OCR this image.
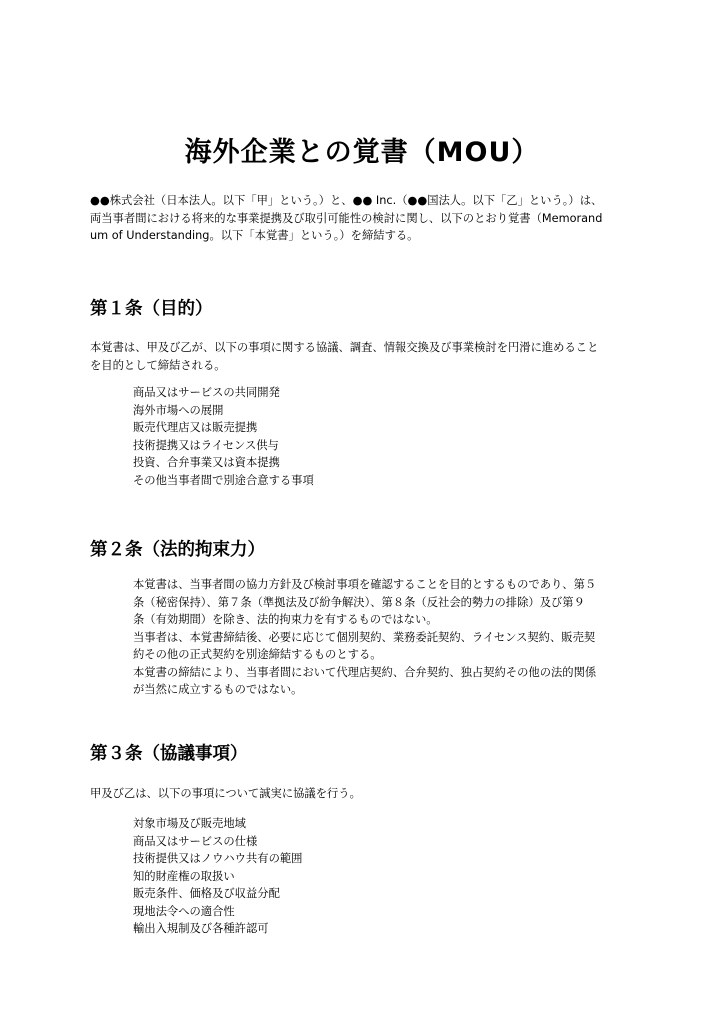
海外企業との覚書（MOU）

●●株式会社（日本法人。以下「甲」という。）と、●● Inc.（●●国法人。以下「乙」という。）は、

両当事者間における将来的な事業提携及び取引可能性の検討に関し、以下のとおり覚書（Memorand

um of Understanding。以下「本覚書」という。）を締結する。

第１条（目的）

本覚書は、甲及び乙が、以下の事項に関する協議、調査、情報交換及び事業検討を円滑に進めること

を目的として締結される。

商品又はサービスの共同開発
海外市場への展開
販売代理店又は販売提携
技術提携又はライセンス供与
投資、合弁事業又は資本提携
その他当事者間で別途合意する事項
第２条（法的拘束力）

本覚書は、当事者間の協力方針及び検討事項を確認することを目的とするものであり、第５

条（秘密保持）、第７条（準拠法及び紛争解決）、第８条（反社会的勢力の排除）及び第９

条（有効期間）を除き、法的拘束力を有するものではない。

当事者は、本覚書締結後、必要に応じて個別契約、業務委託契約、ライセンス契約、販売契

約その他の正式契約を別途締結するものとする。

本覚書の締結により、当事者間において代理店契約、合弁契約、独占契約その他の法的関係

が当然に成立するものではない。

第３条（協議事項）

甲及び乙は、以下の事項について誠実に協議を行う。

対象市場及び販売地域
商品又はサービスの仕様
技術提供又はノウハウ共有の範囲
知的財産権の取扱い
販売条件、価格及び収益分配
現地法令への適合性
輸出入規制及び各種許認可
